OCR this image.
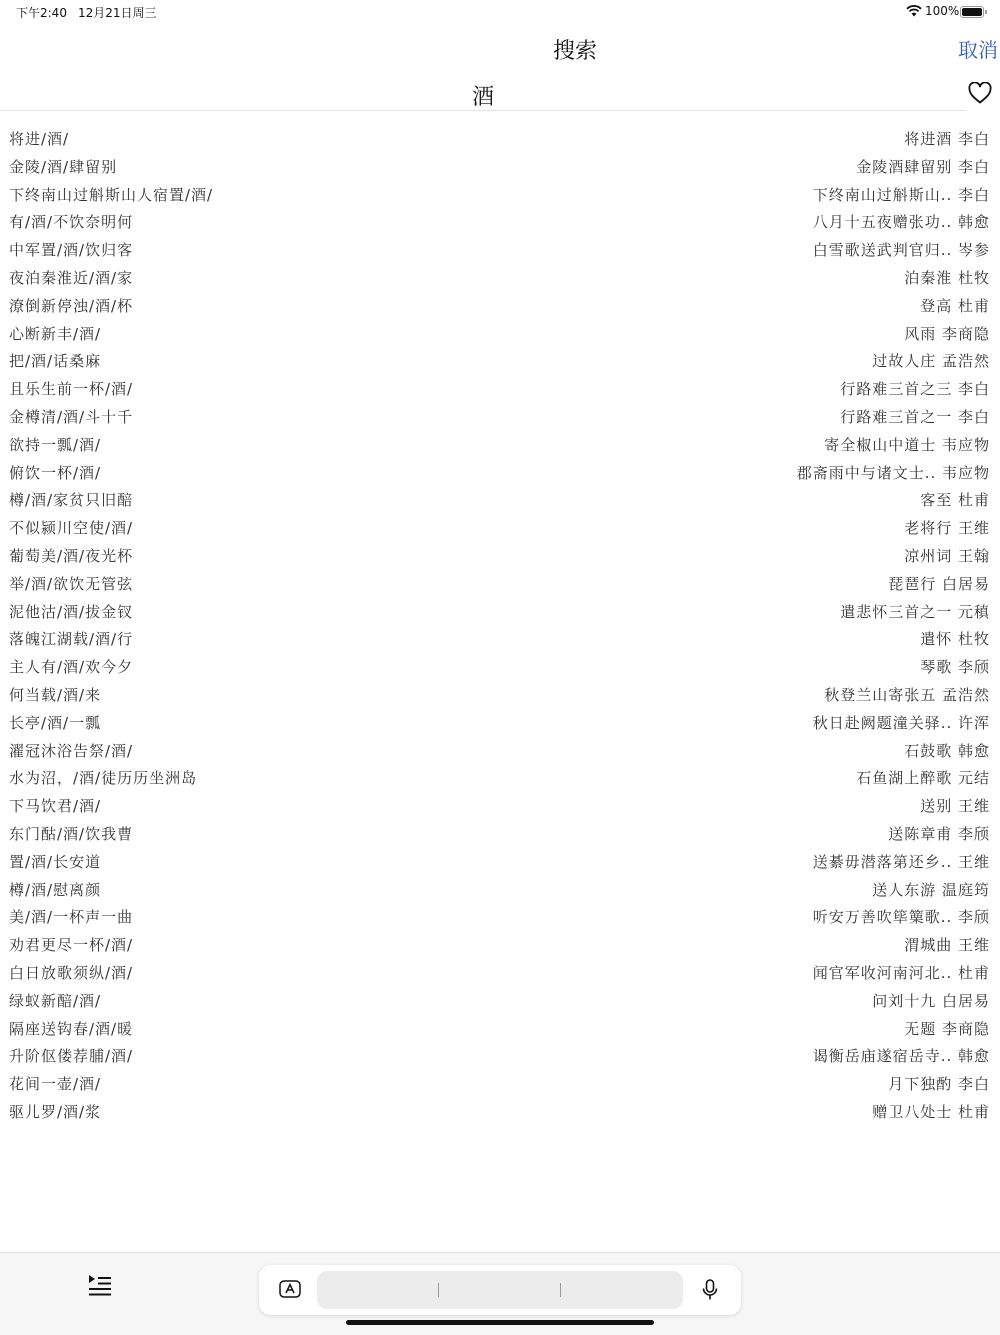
下午2:40 12月21日周三	100%
搜索	取消
酒
将进/酒/	将进酒 李白
金陵/酒/肆留别	金陵酒肆留别 李白
下终南山过斛斯山人宿置/酒/	下终南山过斛斯山.. 李白
有/酒/不饮奈明何	八月十五夜赠张功.. 韩愈
中军置/酒/饮归客	白雪歌送武判官归.. 岑参
夜泊秦淮近/酒/家	泊秦淮 杜牧
潦倒新停浊/酒/杯	登高 杜甫
心断新丰/酒/	风雨 李商隐
把/酒/话桑麻	过故人庄 孟浩然
且乐生前一杯/酒/	行路难三首之三 李白
金樽清/酒/斗十千	行路难三首之一 李白
欲持一瓢/酒/	寄全椒山中道士 韦应物
俯饮一杯/酒/	郡斋雨中与诸文士.. 韦应物
樽/酒/家贫只旧醅	客至 杜甫
不似颍川空使/酒/	老将行 王维
葡萄美/酒/夜光杯	凉州词 王翰
举/酒/欲饮无管弦	琵琶行 白居易
泥他沽/酒/拔金钗	遣悲怀三首之一 元稹
落魄江湖载/酒/行	遣怀 杜牧
主人有/酒/欢今夕	琴歌 李颀
何当载/酒/来	秋登兰山寄张五 孟浩然
长亭/酒/一瓢	秋日赴阙题潼关驿.. 许浑
濯冠沐浴告祭/酒/	石鼓歌 韩愈
水为沼，/酒/徒历历坐洲岛	石鱼湖上醉歌 元结
下马饮君/酒/	送别 王维
东门酤/酒/饮我曹	送陈章甫 李颀
置/酒/长安道	送綦毋潜落第还乡.. 王维
樽/酒/慰离颜	送人东游 温庭筠
美/酒/一杯声一曲	听安万善吹筚篥歌.. 李颀
劝君更尽一杯/酒/	渭城曲 王维
白日放歌须纵/酒/	闻官军收河南河北.. 杜甫
绿蚁新醅/酒/	问刘十九 白居易
隔座送钩春/酒/暖	无题 李商隐
升阶伛偻荐脯/酒/	谒衡岳庙遂宿岳寺.. 韩愈
花间一壶/酒/	月下独酌 李白
驱儿罗/酒/浆	赠卫八处士 杜甫
